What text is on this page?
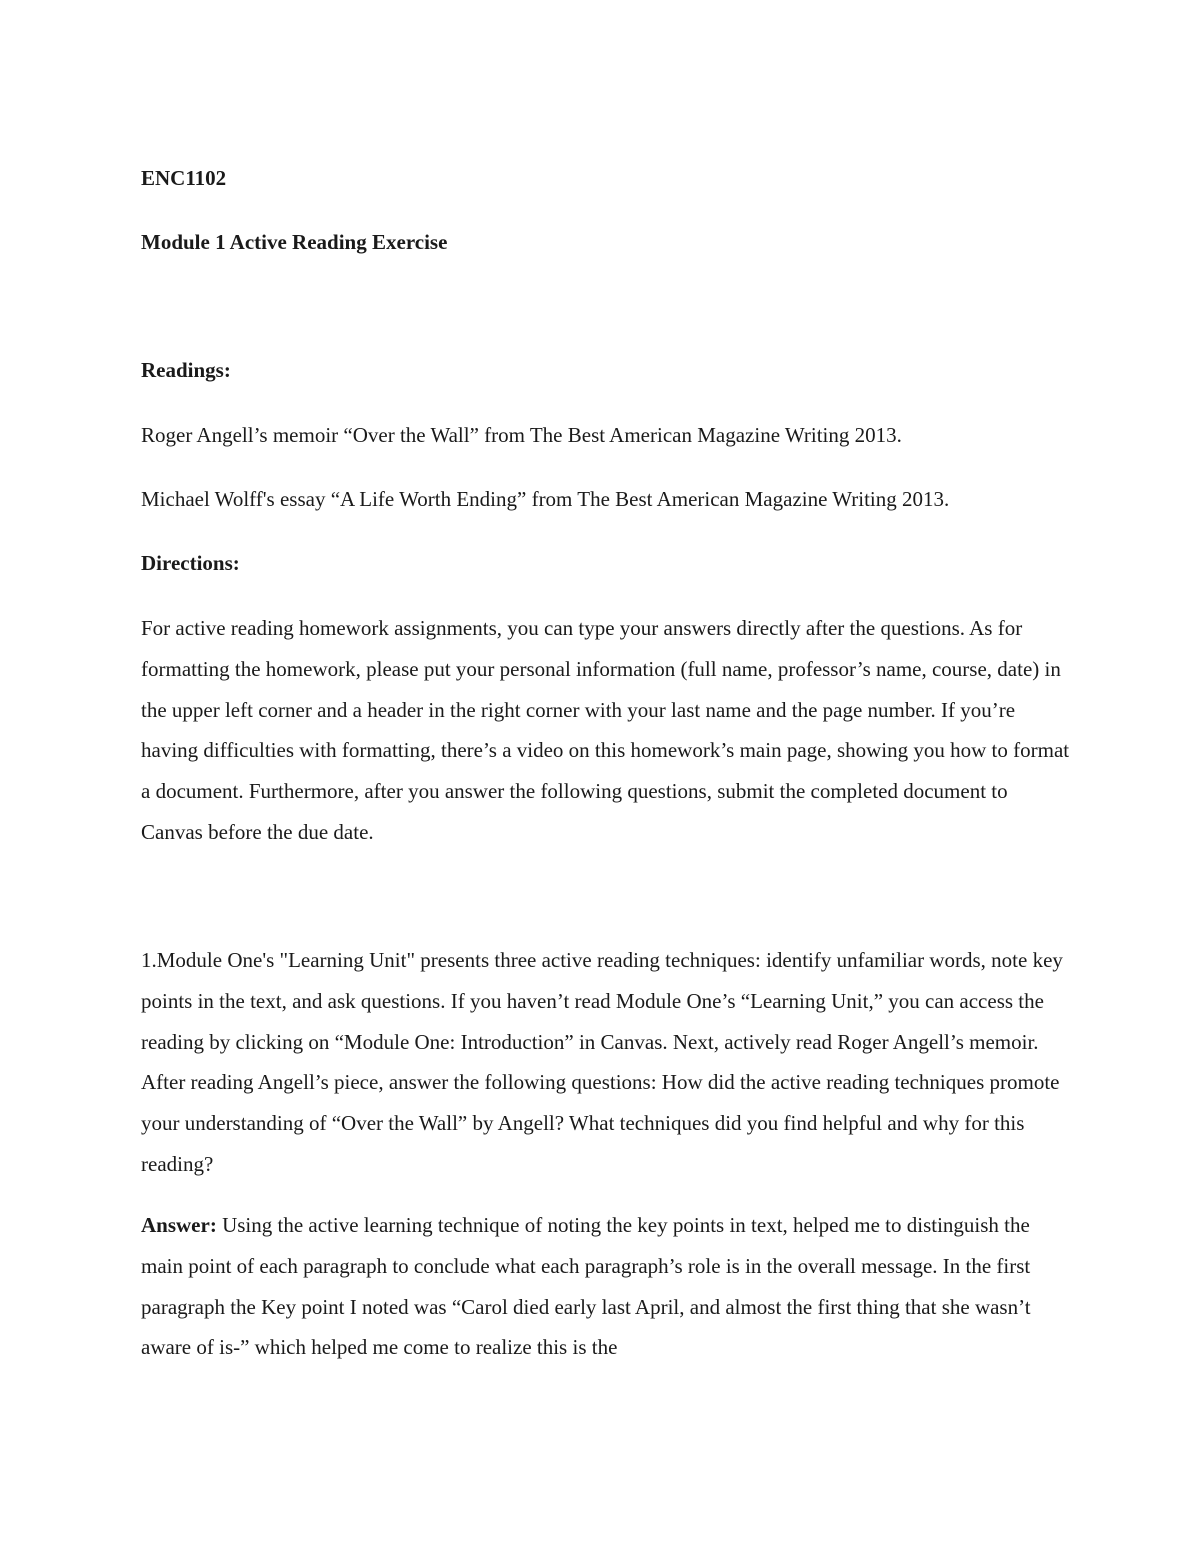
ENC1102

Module 1 Active Reading Exercise

Readings:

Roger Angell’s memoir “Over the Wall” from The Best American Magazine Writing 2013.

Michael Wolff's essay “A Life Worth Ending” from The Best American Magazine Writing 2013.

Directions:

For active reading homework assignments, you can type your answers directly after the questions. As for formatting the homework, please put your personal information (full name, professor’s name, course, date) in the upper left corner and a header in the right corner with your last name and the page number. If you’re having difficulties with formatting, there’s a video on this homework’s main page, showing you how to format a document. Furthermore, after you answer the following questions, submit the completed document to Canvas before the due date.

1.Module One's "Learning Unit" presents three active reading techniques: identify unfamiliar words, note key points in the text, and ask questions. If you haven’t read Module One’s “Learning Unit,” you can access the reading by clicking on “Module One: Introduction” in Canvas. Next, actively read Roger Angell’s memoir. After reading Angell’s piece, answer the following questions: How did the active reading techniques promote your understanding of “Over the Wall” by Angell? What techniques did you find helpful and why for this reading?

Answer: Using the active learning technique of noting the key points in text, helped me to distinguish the main point of each paragraph to conclude what each paragraph’s role is in the overall message. In the first paragraph the Key point I noted was “Carol died early last April, and almost the first thing that she wasn’t aware of is-” which helped me come to realize this is the
